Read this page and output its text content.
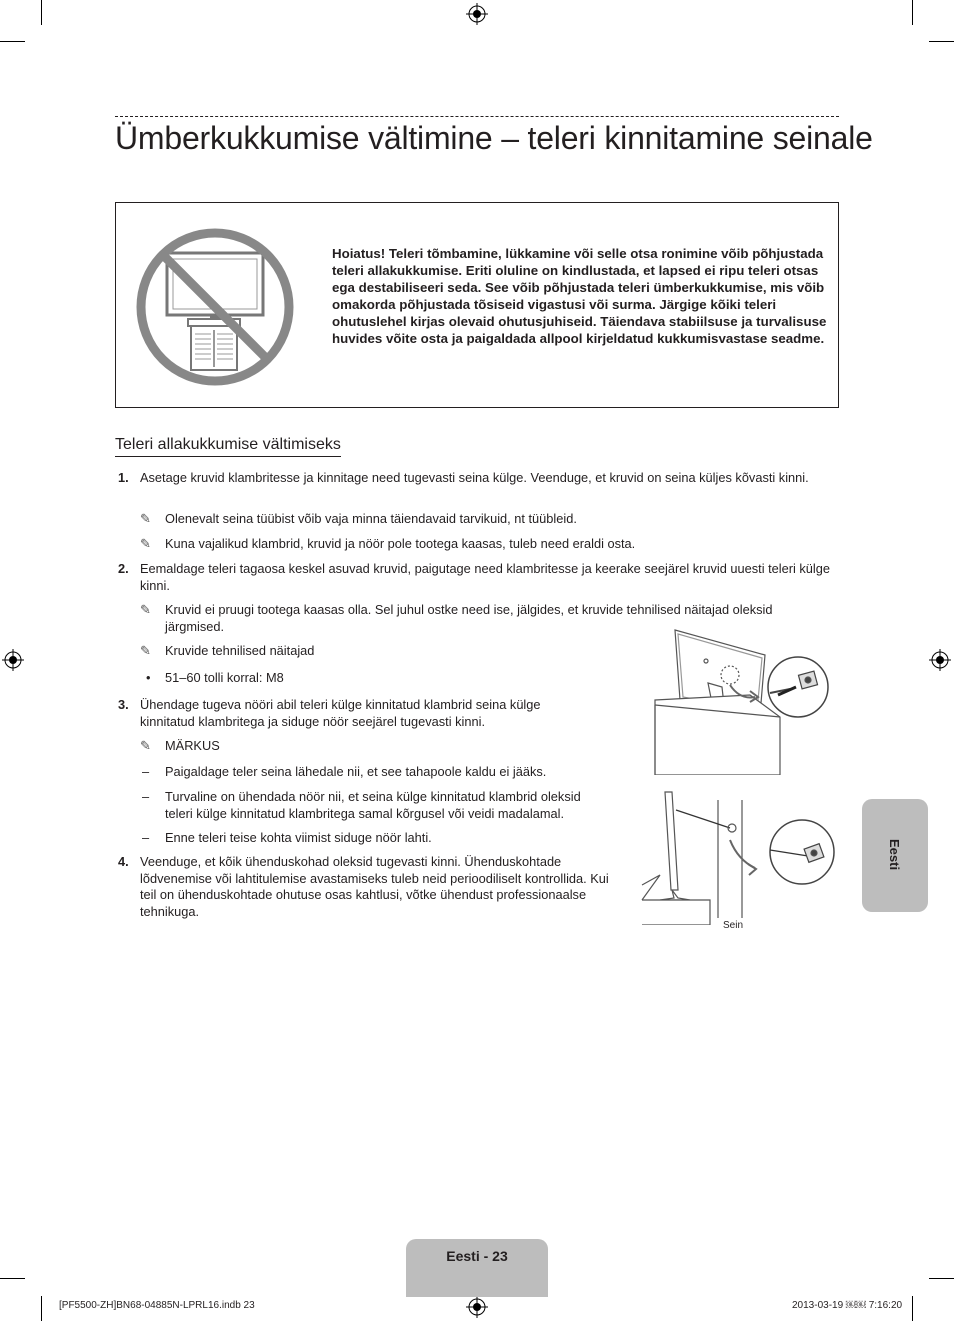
Ümberkukkumise vältimine – teleri kinnitamine seinale
Hoiatus! Teleri tõmbamine, lükkamine või selle otsa ronimine võib põhjustada teleri allakukkumise. Eriti oluline on kindlustada, et lapsed ei ripu teleri otsas ega destabiliseeri seda. See võib põhjustada teleri ümberkukkumise, mis võib omakorda põhjustada tõsiseid vigastusi või surma. Järgige kõiki teleri ohutuslehel kirjas olevaid ohutusjuhiseid. Täiendava stabiilsuse ja turvalisuse huvides võite osta ja paigaldada allpool kirjeldatud kukkumisvastase seadme.
Teleri allakukkumise vältimiseks
1. Asetage kruvid klambritesse ja kinnitage need tugevasti seina külge. Veenduge, et kruvid on seina küljes kõvasti kinni.
✎ Olenevalt seina tüübist võib vaja minna täiendavaid tarvikuid, nt tüübleid.
✎ Kuna vajalikud klambrid, kruvid ja nöör pole tootega kaasas, tuleb need eraldi osta.
2. Eemaldage teleri tagaosa keskel asuvad kruvid, paigutage need klambritesse ja keerake seejärel kruvid uuesti teleri külge kinni.
✎ Kruvid ei pruugi tootega kaasas olla. Sel juhul ostke need ise, jälgides, et kruvide tehnilised näitajad oleksid järgmised.
✎ Kruvide tehnilised näitajad
• 51–60 tolli korral: M8
3. Ühendage tugeva nööri abil teleri külge kinnitatud klambrid seina külge kinnitatud klambritega ja siduge nöör seejärel tugevasti kinni.
✎ MÄRKUS
– Paigaldage teler seina lähedale nii, et see tahapoole kaldu ei jääks.
– Turvaline on ühendada nöör nii, et seina külge kinnitatud klambrid oleksid teleri külge kinnitatud klambritega samal kõrgusel või veidi madalamal.
– Enne teleri teise kohta viimist siduge nöör lahti.
4. Veenduge, et kõik ühenduskohad oleksid tugevasti kinni. Ühenduskohtade lõdvenemise või lahtitulemise avastamiseks tuleb neid perioodiliselt kontrollida. Kui teil on ühenduskohtade ohutuse osas kahtlusi, võtke ühendust professionaalse tehnikuga.
Sein
Eesti
Eesti - 23
[PF5500-ZH]BN68-04885N-LPRL16.indb 23	2013-03-19 ￼￼ 7:16:20
